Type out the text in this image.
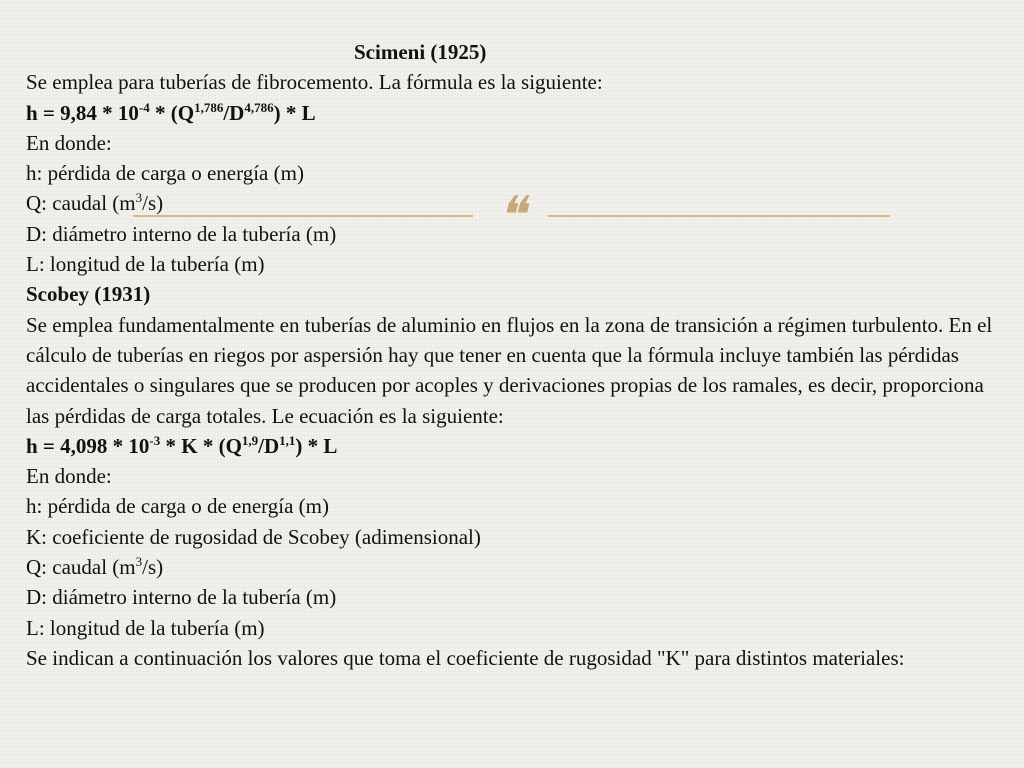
❝
Scimeni (1925)
Se emplea para tuberías de fibrocemento. La fórmula es la siguiente:
$h = 9,84 * 10^{-4} * (Q^{1,786}/D^{4,786}) * L$
En donde:
h: pérdida de carga o energía (m)
Q: caudal $(m^3/s)$
D: diámetro interno de la tubería (m)
L: longitud de la tubería (m)
Scobey (1931)
Se emplea fundamentalmente en tuberías de aluminio en flujos en la zona de transición a régimen turbulento. En el cálculo de tuberías en riegos por aspersión hay que tener en cuenta que la fórmula incluye también las pérdidas accidentales o singulares que se producen por acoples y derivaciones propias de los ramales, es decir, proporciona las pérdidas de carga totales. Le ecuación es la siguiente:
$h = 4,098 * 10^{-3} * K * (Q^{1,9}/D^{1,1}) * L$
En donde:
h: pérdida de carga o de energía (m)
K: coeficiente de rugosidad de Scobey (adimensional)
Q: caudal $(m^3/s)$
D: diámetro interno de la tubería (m)
L: longitud de la tubería (m)
Se indican a continuación los valores que toma el coeficiente de rugosidad "K" para distintos materiales:
